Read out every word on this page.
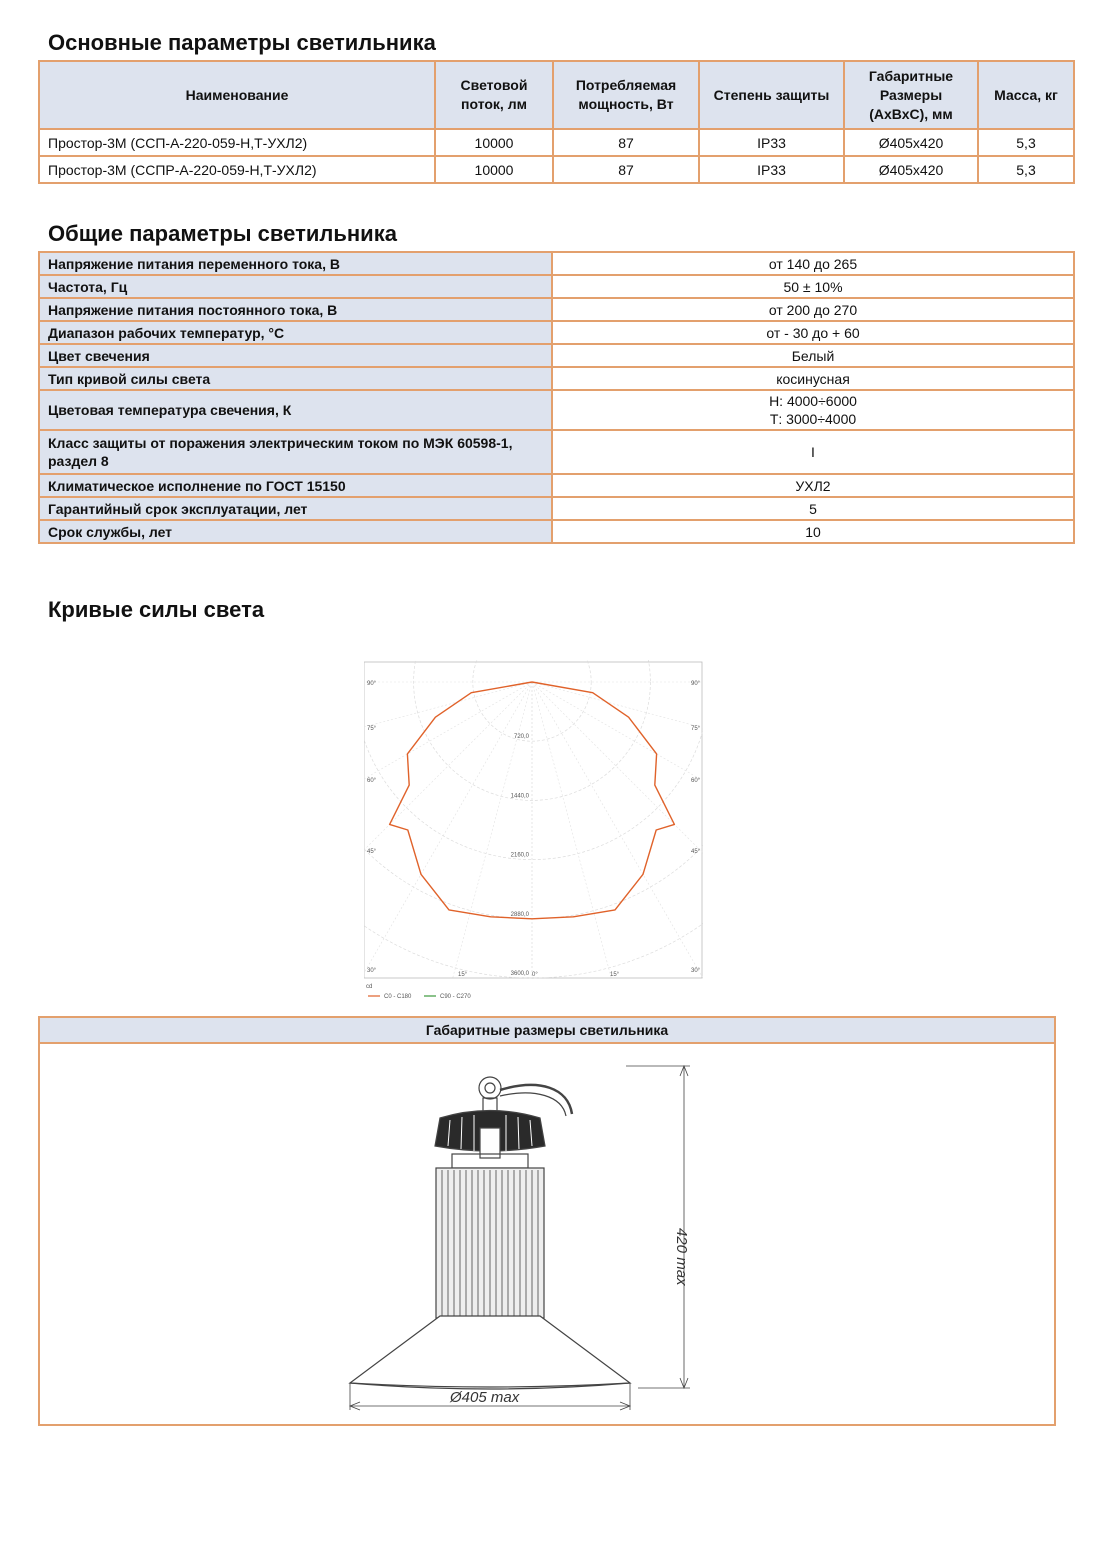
Основные параметры светильника
Наименование	Световой поток, лм	Потребляемая мощность, Вт	Степень защиты	Габаритные Размеры (АхВхС), мм	Масса, кг
Простор-3М (ССП-А-220-059-Н,Т-УХЛ2)	10000	87	IP33	Ø405х420	5,3
Простор-3М (ССПР-А-220-059-Н,Т-УХЛ2)	10000	87	IP33	Ø405х420	5,3
Общие параметры светильника
Напряжение питания переменного тока, В	от 140 до 265
Частота, Гц	50 ± 10%
Напряжение питания постоянного тока, В	от 200 до 270
Диапазон рабочих температур, °С	от - 30 до + 60
Цвет свечения	Белый
Тип кривой силы света	косинусная
Цветовая температура свечения, К	Н: 4000÷6000
Т: 3000÷4000

Класс защиты от поражения электрическим током по МЭК 60598-1, раздел 8	I
Климатическое исполнение по ГОСТ 15150	УХЛ2
Гарантийный срок эксплуатации, лет	5
Срок службы, лет	10
Кривые силы света
720,0
1440,0
2160,0
2880,0
3600,0
90°
75°
60°
45°
30°
90°
75°
60°
45°
30°
15°	0°	15°
cd
C0 - C180	C90 - C270
Габаритные размеры светильника
420 max
Ø405 max
